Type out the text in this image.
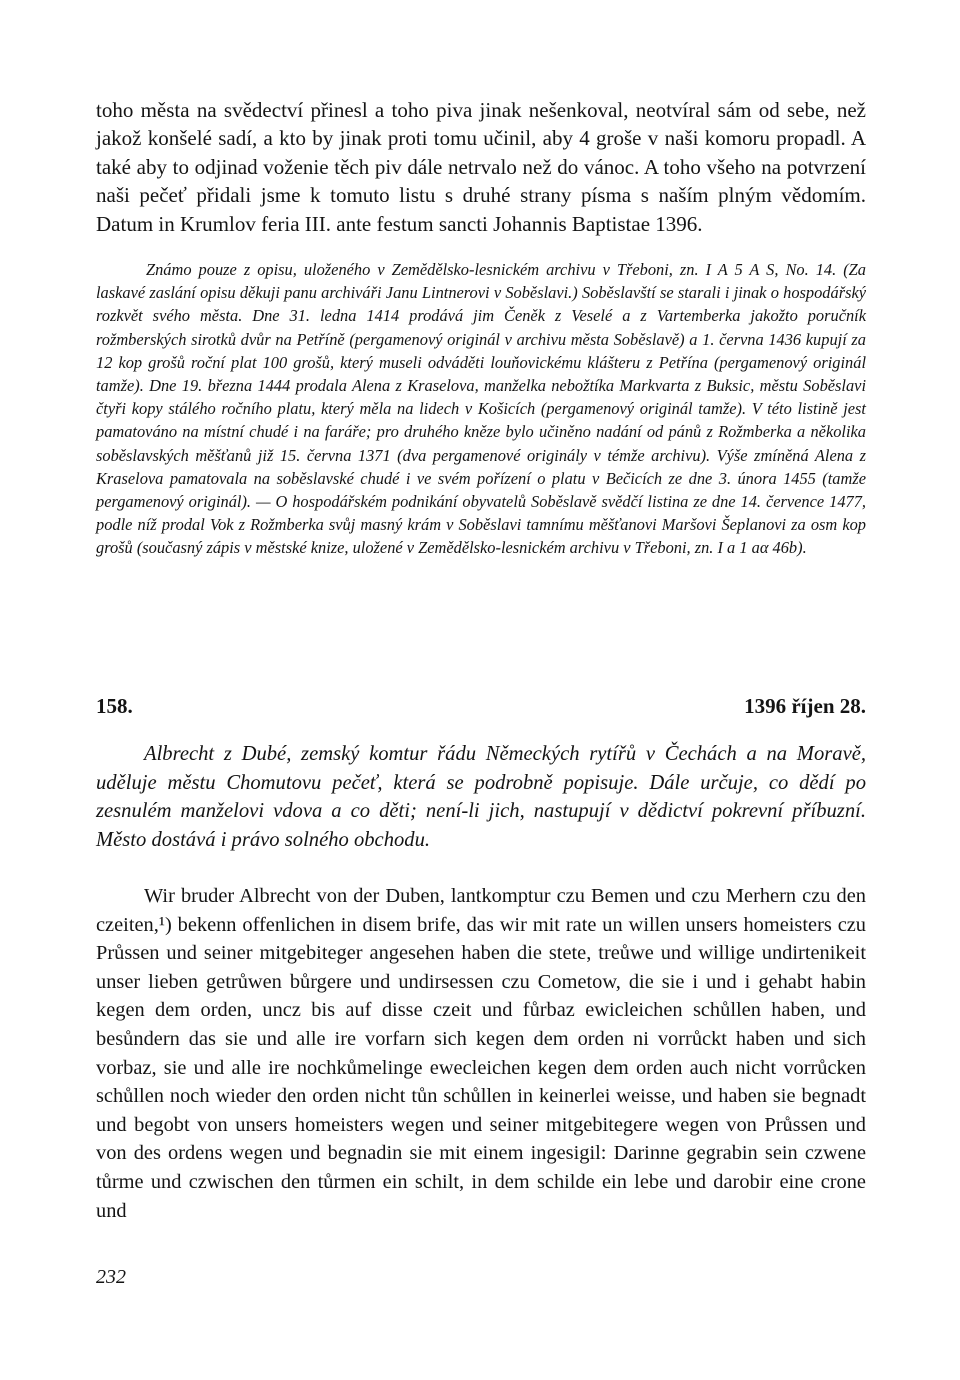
toho města na svědectví přinesl a toho piva jinak nešenkoval, neotvíral sám od sebe, než jakož konšelé sadí, a kto by jinak proti tomu učinil, aby 4 groše v naši komoru propadl. A také aby to odjinad voženie těch piv dále netrvalo než do vánoc. A toho všeho na potvrzení naši pečeť přidali jsme k tomuto listu s druhé strany písma s naším plným vědomím. Datum in Krumlov feria III. ante festum sancti Johannis Baptistae 1396.

Známo pouze z opisu, uloženého v Zemědělsko-lesnickém archivu v Třeboni, zn. I A 5 A S, No. 14. (Za laskavé zaslání opisu děkuji panu archiváři Janu Lintnerovi v Soběslavi.) Soběslavští se starali i jinak o hospodářský rozkvět svého města. Dne 31. ledna 1414 prodává jim Čeněk z Veselé a z Vartemberka jakožto poručník rožmberských sirotků dvůr na Petříně (pergamenový originál v archivu města Soběslavě) a 1. června 1436 kupují za 12 kop grošů roční plat 100 grošů, který museli odváděti louňovickému klášteru z Petřína (pergamenový originál tamže). Dne 19. března 1444 prodala Alena z Kraselova, manželka nebožtíka Markvarta z Buksic, městu Soběslavi čtyři kopy stálého ročního platu, který měla na lidech v Košicích (pergamenový originál tamže). V této listině jest pamatováno na místní chudé i na faráře; pro druhého kněze bylo učiněno nadání od pánů z Rožmberka a několika soběslavských měšťanů již 15. června 1371 (dva pergamenové originály v témže archivu). Výše zmíněná Alena z Kraselova pamatovala na soběslavské chudé i ve svém pořízení o platu v Bečicích ze dne 3. února 1455 (tamže pergamenový originál). — O hospodářském podnikání obyvatelů Soběslavě svědčí listina ze dne 14. července 1477, podle níž prodal Vok z Rožmberka svůj masný krám v Soběslavi tamnímu měšťanovi Maršovi Šeplanovi za osm kop grošů (současný zápis v městské knize, uložené v Zemědělsko-lesnickém archivu v Třeboni, zn. I a 1 aα 46b).

158.	1396 říjen 28.

Albrecht z Dubé, zemský komtur řádu Německých rytířů v Čechách a na Moravě, uděluje městu Chomutovu pečeť, která se podrobně popisuje. Dále určuje, co dědí po zesnulém manželovi vdova a co děti; není-li jich, nastupují v dědictví pokrevní příbuzní. Město dostává i právo solného obchodu.

Wir bruder Albrecht von der Duben, lantkomptur czu Bemen und czu Merhern czu den czeiten,¹) bekenn offenlichen in disem brife, das wir mit rate un willen unsers homeisters czu Průssen und seiner mitgebiteger angesehen haben die stete, treůwe und willige undirtenikeit unser lieben getrůwen bůrgere und undirsessen czu Cometow, die sie i und i gehabt habin kegen dem orden, uncz bis auf disse czeit und fůrbaz ewicleichen schůllen haben, und besůndern das sie und alle ire vorfarn sich kegen dem orden ni vorrůckt haben und sich vorbaz, sie und alle ire nochkůmelinge ewecleichen kegen dem orden auch nicht vorrůcken schůllen noch wieder den orden nicht tůn schůllen in keinerlei weisse, und haben sie begnadt und begobt von unsers homeisters wegen und seiner mitgebitegere wegen von Průssen und von des ordens wegen und begnadin sie mit einem ingesigil: Darinne gegrabin sein czwene tůrme und czwischen den tůrmen ein schilt, in dem schilde ein lebe und darobir eine crone und

232
